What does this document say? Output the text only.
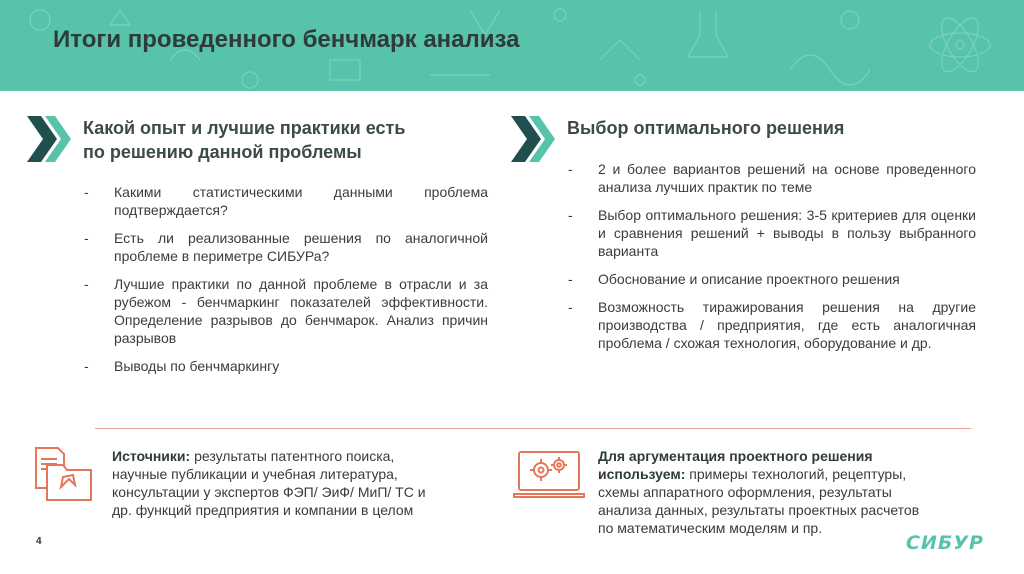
Итоги проведенного бенчмарк анализа
Какой опыт и лучшие практики есть
по решению данной проблемы
- Какими статистическими данными проблема подтверждается?
- Есть ли реализованные решения по аналогичной проблеме в периметре СИБУРа?
- Лучшие практики по данной проблеме в отрасли и за рубежом - бенчмаркинг показателей эффективности. Определение разрывов до бенчмарок. Анализ причин разрывов
- Выводы по бенчмаркингу
Выбор оптимального решения
- 2 и более вариантов решений на основе проведенного анализа лучших практик по теме
- Выбор оптимального решения: 3-5 критериев для оценки и сравнения решений + выводы в пользу выбранного варианта
- Обоснование и описание проектного решения
- Возможность тиражирования решения на другие производства / предприятия, где есть аналогичная проблема / схожая технология, оборудование и др.
Источники: результаты патентного поиска,
научные публикации и учебная литература,
консультации у экспертов ФЭП/ ЭиФ/ МиП/ ТС и
др. функций предприятия и компании в целом
Для аргументация проектного решения
используем: примеры технологий, рецептуры,
схемы аппаратного оформления, результаты
анализа данных, результаты проектных расчетов
по математическим моделям и пр.
4	СИБУР
